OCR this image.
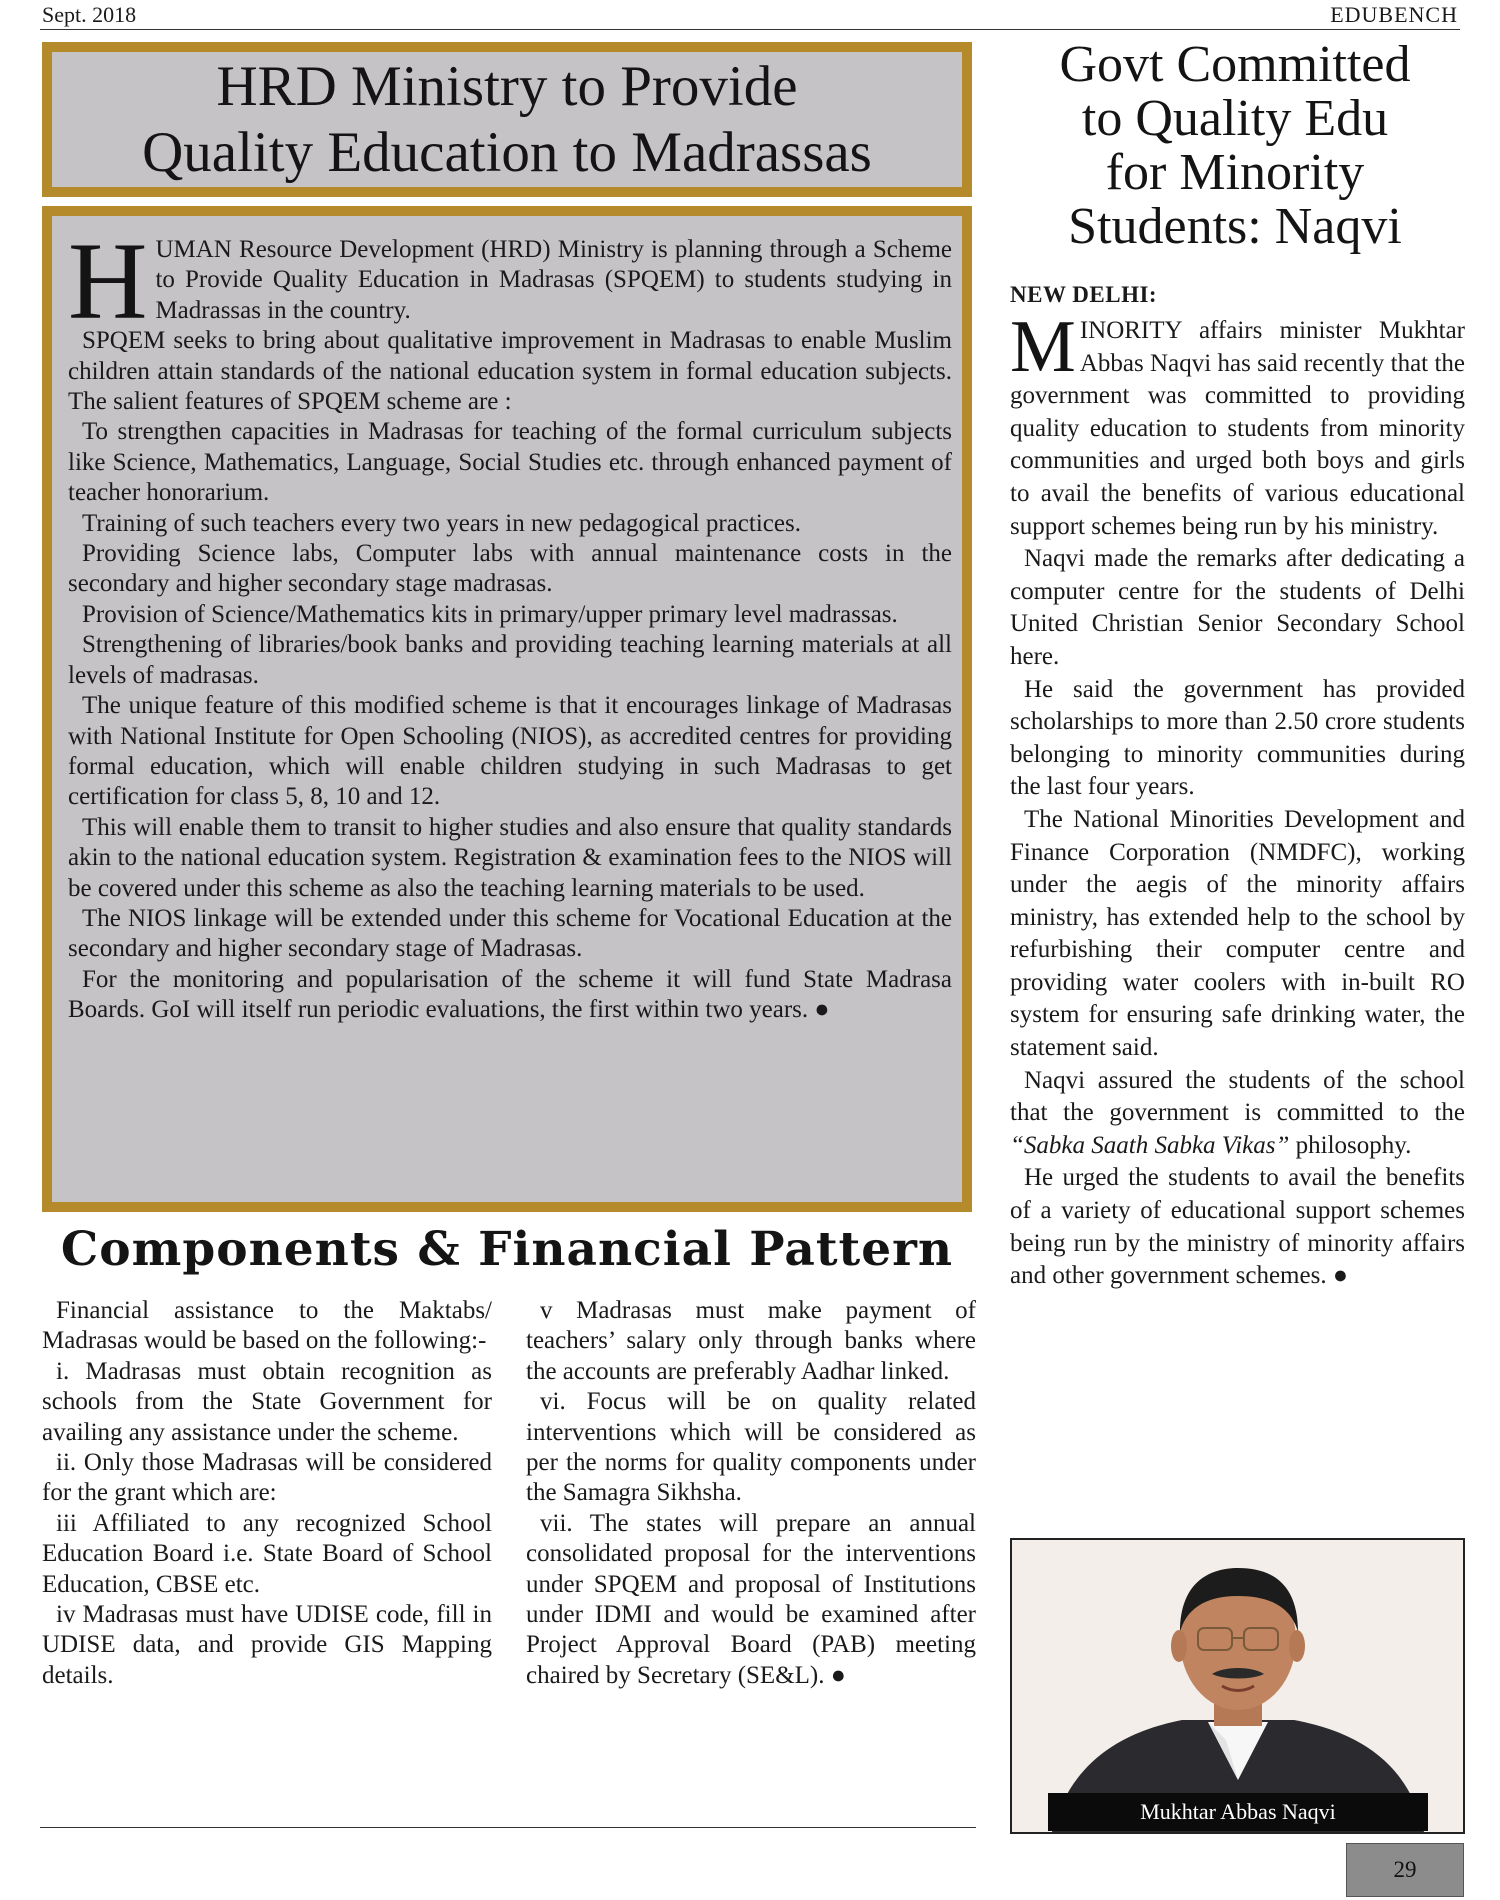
Sept. 2018	EDUBENCH
HRD Ministry to Provide
Quality Education to Madrassas

HUMAN Resource Development (HRD) Ministry is planning through a Scheme to Provide Quality Education in Madrasas (SPQEM) to students studying in Madrassas in the country.

SPQEM seeks to bring about qualitative improvement in Madrasas to enable Muslim children attain standards of the national education system in formal education subjects. The salient features of SPQEM scheme are :

To strengthen capacities in Madrasas for teaching of the formal curriculum subjects like Science, Mathematics, Language, Social Studies etc. through enhanced payment of teacher honorarium.

Training of such teachers every two years in new pedagogical practices.

Providing Science labs, Computer labs with annual maintenance costs in the secondary and higher secondary stage madrasas.

Provision of Science/Mathematics kits in primary/upper primary level madrassas.

Strengthening of libraries/book banks and providing teaching learning materials at all levels of madrasas.

The unique feature of this modified scheme is that it encourages linkage of Madrasas with National Institute for Open Schooling (NIOS), as accredited centres for providing formal education, which will enable children studying in such Madrasas to get certification for class 5, 8, 10 and 12.

This will enable them to transit to higher studies and also ensure that quality standards akin to the national education system. Registration & examination fees to the NIOS will be covered under this scheme as also the teaching learning materials to be used.

The NIOS linkage will be extended under this scheme for Vocational Education at the secondary and higher secondary stage of Madrasas.

For the monitoring and popularisation of the scheme it will fund State Madrasa Boards. GoI will itself run periodic evaluations, the first within two years. ●

Components & Financial Pattern

Financial assistance to the Maktabs/ Madrasas would be based on the following:-

i. Madrasas must obtain recognition as schools from the State Government for availing any assistance under the scheme.

ii. Only those Madrasas will be considered for the grant which are:

iii Affiliated to any recognized School Education Board i.e. State Board of School Education, CBSE etc.

iv Madrasas must have UDISE code, fill in UDISE data, and provide GIS Mapping details.

v Madrasas must make payment of teachers’ salary only through banks where the accounts are preferably Aadhar linked.

vi. Focus will be on quality related interventions which will be considered as per the norms for quality components under the Samagra Sikhsha.

vii. The states will prepare an annual consolidated proposal for the interventions under SPQEM and proposal of Institutions under IDMI and would be examined after Project Approval Board (PAB) meeting chaired by Secretary (SE&L). ●

Govt Committed
to Quality Edu
for Minority
Students: Naqvi
NEW DELHI:

MINORITY affairs minister Mukhtar Abbas Naqvi has said recently that the government was committed to providing quality education to students from minority communities and urged both boys and girls to avail the benefits of various educational support schemes being run by his ministry.

Naqvi made the remarks after dedicating a computer centre for the students of Delhi United Christian Senior Secondary School here.

He said the government has provided scholarships to more than 2.50 crore students belonging to minority communities during the last four years.

The National Minorities Development and Finance Corporation (NMDFC), working under the aegis of the minority affairs ministry, has extended help to the school by refurbishing their computer centre and providing water coolers with in-built RO system for ensuring safe drinking water, the statement said.

Naqvi assured the students of the school that the government is committed to the “Sabka Saath Sabka Vikas” philosophy.

He urged the students to avail the benefits of a variety of educational support schemes being run by the ministry of minority affairs and other government schemes. ●

Mukhtar Abbas Naqvi
29
